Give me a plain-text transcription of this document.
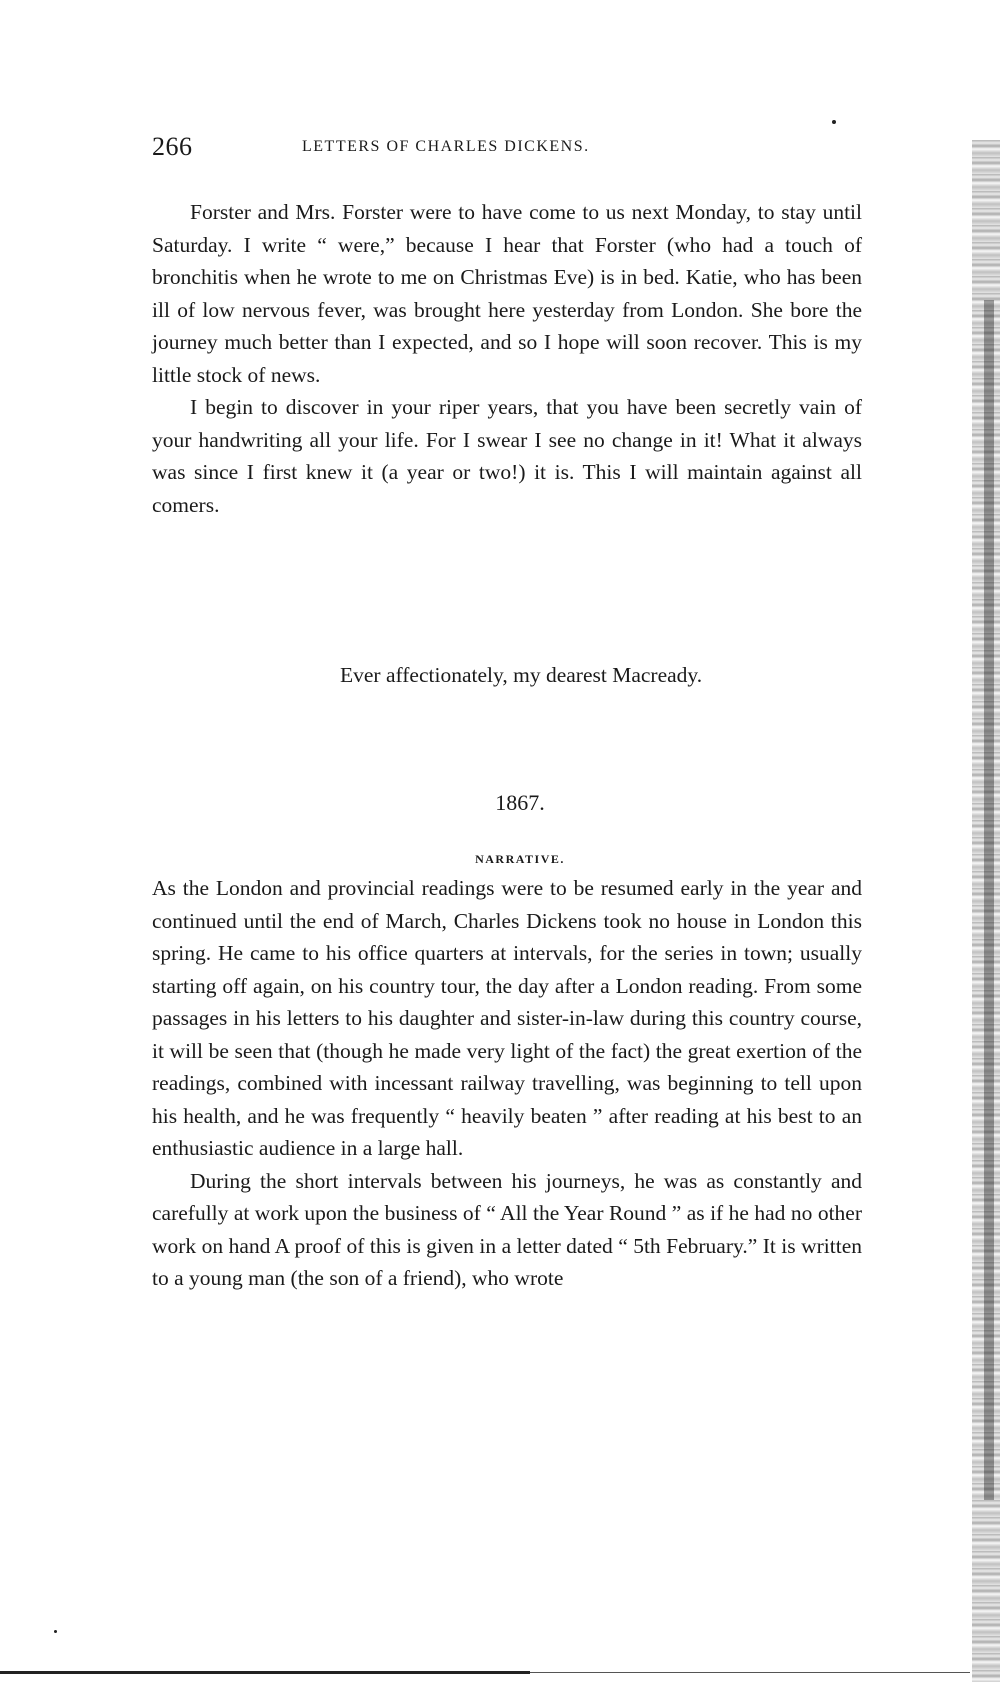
266	LETTERS OF CHARLES DICKENS.

Forster and Mrs. Forster were to have come to us next Monday, to stay until Saturday. I write “ were,” because I hear that Forster (who had a touch of bronchitis when he wrote to me on Christmas Eve) is in bed. Katie, who has been ill of low nervous fever, was brought here yesterday from London. She bore the journey much better than I expected, and so I hope will soon recover. This is my little stock of news.

I begin to discover in your riper years, that you have been secretly vain of your handwriting all your life. For I swear I see no change in it! What it always was since I first knew it (a year or two!) it is. This I will maintain against all comers.

Ever affectionately, my dearest Macready.
1867.
NARRATIVE.

As the London and provincial readings were to be resumed early in the year and continued until the end of March, Charles Dickens took no house in London this spring. He came to his office quarters at intervals, for the series in town; usually starting off again, on his country tour, the day after a London reading. From some passages in his letters to his daughter and sister-in-law during this country course, it will be seen that (though he made very light of the fact) the great exertion of the readings, combined with incessant railway travelling, was beginning to tell upon his health, and he was frequently “ heavily beaten ” after reading at his best to an enthusiastic audience in a large hall.

During the short intervals between his journeys, he was as constantly and carefully at work upon the business of “ All the Year Round ” as if he had no other work on hand A proof of this is given in a letter dated “ 5th February.” It is written to a young man (the son of a friend), who wrote
